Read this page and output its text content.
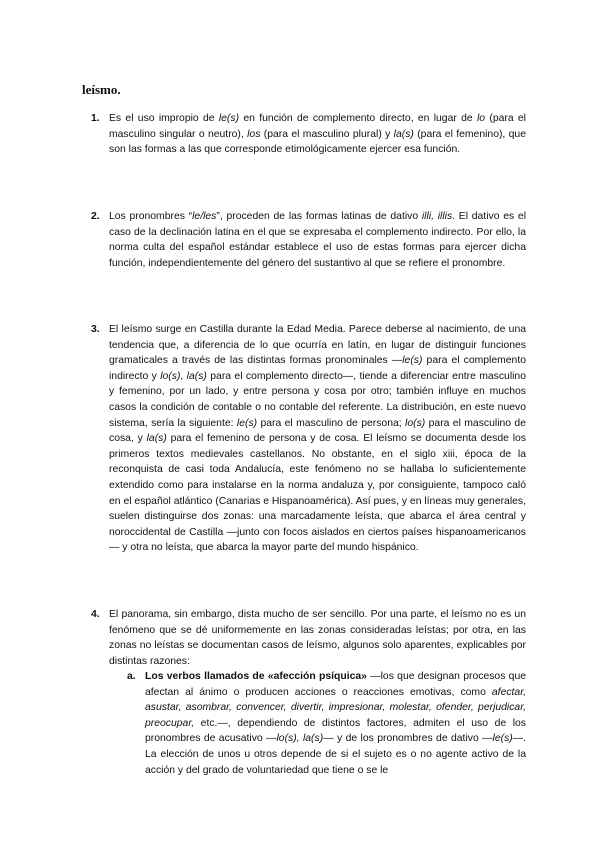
leísmo.
1. Es el uso impropio de le(s) en función de complemento directo, en lugar de lo (para el masculino singular o neutro), los (para el masculino plural) y la(s) (para el femenino), que son las formas a las que corresponde etimológicamente ejercer esa función.
2. Los pronombres “le/les”, proceden de las formas latinas de dativo illi, illis. El dativo es el caso de la declinación latina en el que se expresaba el complemento indirecto. Por ello, la norma culta del español estándar establece el uso de estas formas para ejercer dicha función, independientemente del género del sustantivo al que se refiere el pronombre.
3. El leísmo surge en Castilla durante la Edad Media. Parece deberse al nacimiento, de una tendencia que, a diferencia de lo que ocurría en latín, en lugar de distinguir funciones gramaticales a través de las distintas formas pronominales —le(s) para el complemento indirecto y lo(s), la(s) para el complemento directo—, tiende a diferenciar entre masculino y femenino, por un lado, y entre persona y cosa por otro; también influye en muchos casos la condición de contable o no contable del referente. La distribución, en este nuevo sistema, sería la siguiente: le(s) para el masculino de persona; lo(s) para el masculino de cosa, y la(s) para el femenino de persona y de cosa. El leísmo se documenta desde los primeros textos medievales castellanos. No obstante, en el siglo xiii, época de la reconquista de casi toda Andalucía, este fenómeno no se hallaba lo suficientemente extendido como para instalarse en la norma andaluza y, por consiguiente, tampoco caló en el español atlántico (Canarias e Hispanoamérica). Así pues, y en líneas muy generales, suelen distinguirse dos zonas: una marcadamente leísta, que abarca el área central y noroccidental de Castilla —junto con focos aislados en ciertos países hispanoamericanos— y otra no leísta, que abarca la mayor parte del mundo hispánico.
4. El panorama, sin embargo, dista mucho de ser sencillo. Por una parte, el leísmo no es un fenómeno que se dé uniformemente en las zonas consideradas leístas; por otra, en las zonas no leístas se documentan casos de leísmo, algunos solo aparentes, explicables por distintas razones:
a. Los verbos llamados de «afección psíquica» —los que designan procesos que afectan al ánimo o producen acciones o reacciones emotivas, como afectar, asustar, asombrar, convencer, divertir, impresionar, molestar, ofender, perjudicar, preocupar, etc.—, dependiendo de distintos factores, admiten el uso de los pronombres de acusativo —lo(s), la(s)— y de los pronombres de dativo —le(s)—. La elección de unos u otros depende de si el sujeto es o no agente activo de la acción y del grado de voluntariedad que tiene o se le
